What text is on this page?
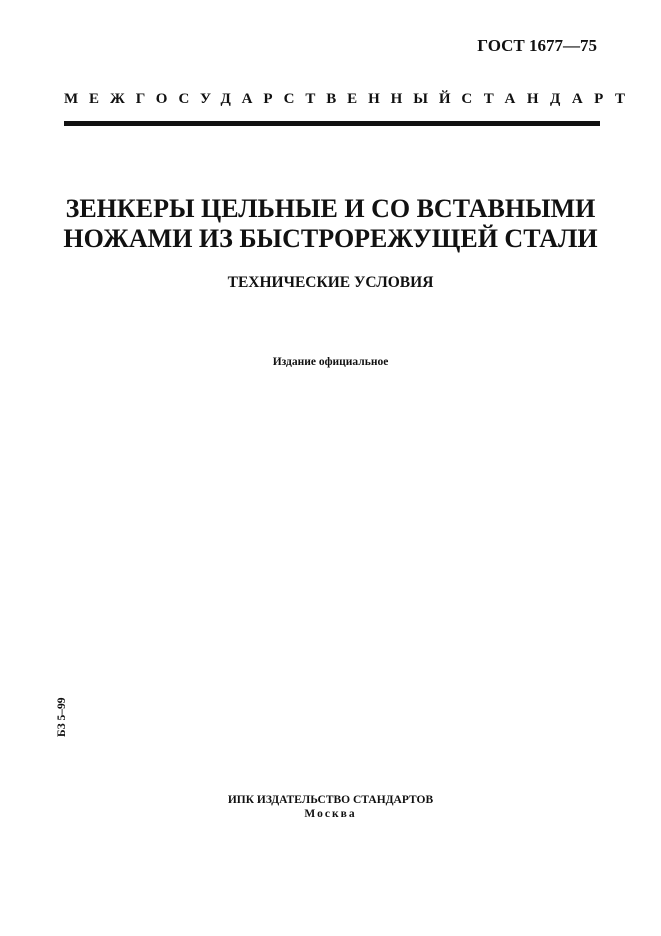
ГОСТ 1677—75
МЕЖГОСУДАРСТВЕННЫЙ СТАНДАРТ
ЗЕНКЕРЫ ЦЕЛЬНЫЕ И СО ВСТАВНЫМИ
НОЖАМИ ИЗ БЫСТРОРЕЖУЩЕЙ СТАЛИ
ТЕХНИЧЕСКИЕ УСЛОВИЯ
Издание официальное
БЗ 5–99
ИПК ИЗДАТЕЛЬСТВО СТАНДАРТОВ
Москва
